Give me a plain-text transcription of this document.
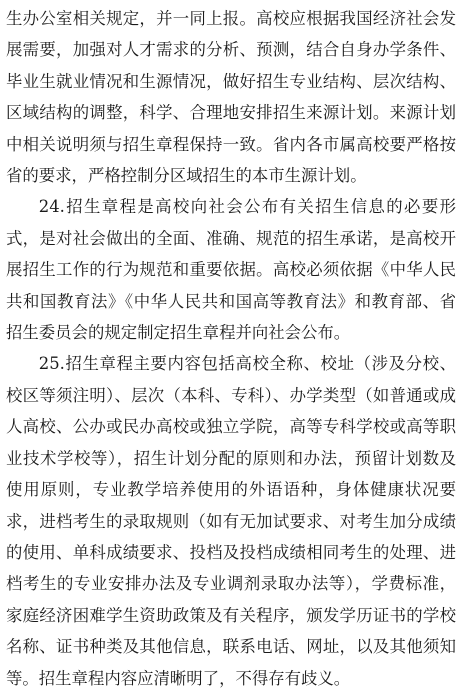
生办公室相关规定，并一同上报。高校应根据我国经济社会发展需要，加强对人才需求的分析、预测，结合自身办学条件、毕业生就业情况和生源情况，做好招生专业结构、层次结构、区域结构的调整，科学、合理地安排招生来源计划。来源计划中相关说明须与招生章程保持一致。省内各市属高校要严格按省的要求，严格控制分区域招生的本市生源计划。

24.招生章程是高校向社会公布有关招生信息的必要形式，是对社会做出的全面、准确、规范的招生承诺，是高校开展招生工作的行为规范和重要依据。高校必须依据《中华人民共和国教育法》《中华人民共和国高等教育法》和教育部、省招生委员会的规定制定招生章程并向社会公布。

25.招生章程主要内容包括高校全称、校址（涉及分校、校区等须注明）、层次（本科、专科）、办学类型（如普通或成人高校、公办或民办高校或独立学院，高等专科学校或高等职业技术学校等），招生计划分配的原则和办法，预留计划数及使用原则，专业教学培养使用的外语语种，身体健康状况要求，进档考生的录取规则（如有无加试要求、对考生加分成绩的使用、单科成绩要求、投档及投档成绩相同考生的处理、进档考生的专业安排办法及专业调剂录取办法等），学费标准，家庭经济困难学生资助政策及有关程序，颁发学历证书的学校名称、证书种类及其他信息，联系电话、网址，以及其他须知等。招生章程内容应清晰明了，不得存有歧义。
